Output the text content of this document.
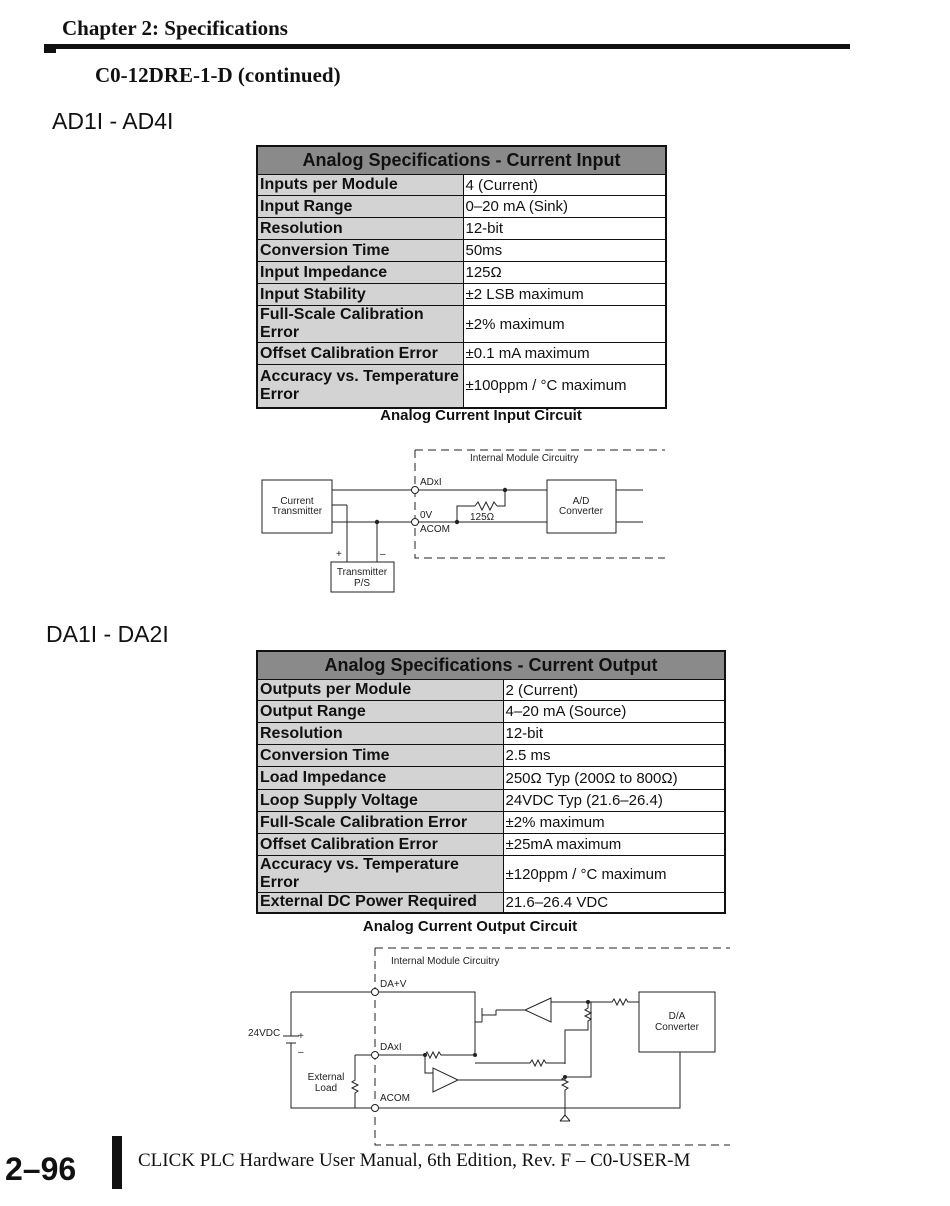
Chapter 2: Specifications
C0-12DRE-1-D (continued)
AD1I - AD4I
Analog Specifications - Current Input	
Inputs per Module	4 (Current)
Input Range	0–20 mA (Sink)
Resolution	12-bit
Conversion Time	50ms
Input Impedance	125Ω
Input Stability	±2 LSB maximum
Full-Scale Calibration Error	±2% maximum
Offset Calibration Error	±0.1 mA maximum
Accuracy vs. Temperature Error	±100ppm / °C maximum
Analog Current Input Circuit
Internal Module Circuitry
Current
Transmitter
ADxI
0V
ACOM
125Ω
A/D
Converter
+	–
Transmitter
P/S
DA1I - DA2I
Analog Specifications - Current Output	
Outputs per Module	2 (Current)
Output Range	4–20 mA (Source)
Resolution	12-bit
Conversion Time	2.5 ms
Load Impedance	250Ω Typ (200Ω to 800Ω)
Loop Supply Voltage	24VDC Typ (21.6–26.4)
Full-Scale Calibration Error	±2% maximum
Offset Calibration Error	±25mA maximum
Accuracy vs. Temperature Error	±120ppm / °C maximum
External DC Power Required	21.6–26.4 VDC
Analog Current Output Circuit
Internal Module Circuitry
DA+V
DAxI
ACOM
24VDC +
–
External
Load
D/A
Converter
2–96	CLICK PLC Hardware User Manual, 6th Edition, Rev. F – C0-USER-M
